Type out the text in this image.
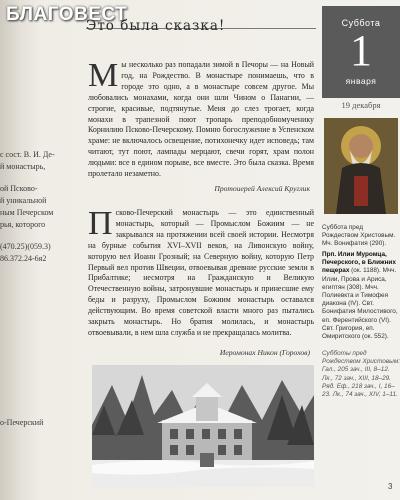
БЛАГОВЕСТ
с сост. В. И. Де-
й монастырь,
ой Псково-
й уникальной
ным Печерском
рья, которого
(470.25)(059.3)
86.372.24-6я2
о-Печерский
Это была сказка!
Мы несколько раз попадали зимой в Печоры — на Новый год, на Рождество. В монастыре понимаешь, что в городе это одно, а в монастыре совсем другое. Мы любовались монахами, когда они шли Чином о Панагии, — строгие, красивые, подтянутые. Меня до слез трогает, когда монахи в трапезной поют тропарь преподобномученику Корнилию Псково-Печерскому. Помню богослужение в Успенском храме: не включалось освещение, потихонечку идет исповедь; там читают, тут поют, лампады мерцают, свечи горят, храм полон людьми: все в едином порыве, все вместе. Это была сказка. Время пролетало незаметно.
Протоиерей Алексий Круглик
Псково-Печерский монастырь — это единственный монастырь, который — Промыслом Божиим — не закрывался на протяжении всей своей истории. Несмотря на бурные события XVI–XVII веков, на Ливонскую войну, которую вел Иоанн Грозный; на Северную войну, которую Петр Первый вел против Швеции, отвоевывая древние русские земли в Прибалтике; несмотря на Гражданскую и Великую Отечественную войны, затронувшие монастырь и принесшие ему беды и разруху, Промыслом Божиим монастырь оставался действующим. Во время советской власти много раз пытались закрыть монастырь. Но братия молилась, и монастырь отвоевывали, в нем шла служба и не прекращалась молитва.
Иеромонах Никон (Горохов)
Суббота
1
января
19 декабря
Суббота пред Рождеством Христовым. Мч. Вонифатия (290).
Прп. Илии Муромца, Печерского, в Ближних пещерах (ок. 1188). Мчч. Илии, Прова и Ариса, египтян (308). Мчч. Полиевкта и Тимофея диакона (IV). Свт. Бонифатия Милостивого, еп. Ферентийского (VI). Свт. Григория, еп. Омиритского (ок. 552).
Субботы пред Рождеством Христовым: Гал., 205 зач., III, 8–12. Лк., 72 зач., XIII, 18–29. Ряд. Еф., 218 зач., I, 16–23. Лк., 74 зач., XIV, 1–11.
3
